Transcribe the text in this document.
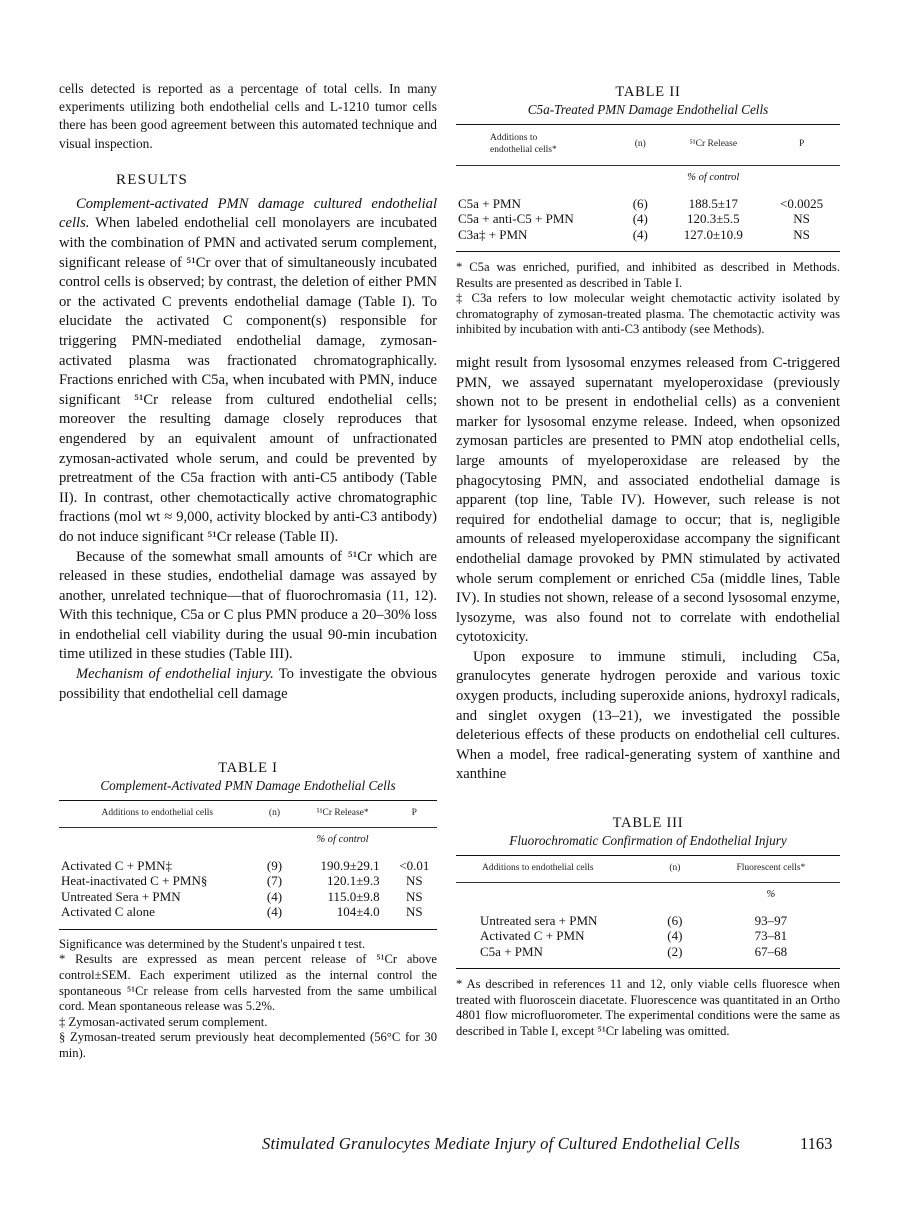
cells detected is reported as a percentage of total cells. In many experiments utilizing both endothelial cells and L-1210 tumor cells there has been good agreement between this automated technique and visual inspection.

RESULTS

Complement-activated PMN damage cultured endothelial cells. When labeled endothelial cell monolayers are incubated with the combination of PMN and activated serum complement, significant release of ⁵¹Cr over that of simultaneously incubated control cells is observed; by contrast, the deletion of either PMN or the activated C prevents endothelial damage (Table I). To elucidate the activated C component(s) responsible for triggering PMN-mediated endothelial damage, zymosan-activated plasma was fractionated chromatographically. Fractions enriched with C5a, when incubated with PMN, induce significant ⁵¹Cr release from cultured endothelial cells; moreover the resulting damage closely reproduces that engendered by an equivalent amount of unfractionated zymosan-activated whole serum, and could be prevented by pretreatment of the C5a fraction with anti-C5 antibody (Table II). In contrast, other chemotactically active chromatographic fractions (mol wt ≈ 9,000, activity blocked by anti-C3 antibody) do not induce significant ⁵¹Cr release (Table II).

Because of the somewhat small amounts of ⁵¹Cr which are released in these studies, endothelial damage was assayed by another, unrelated technique—that of fluorochromasia (11, 12). With this technique, C5a or C plus PMN produce a 20–30% loss in endothelial cell viability during the usual 90-min incubation time utilized in these studies (Table III).

Mechanism of endothelial injury. To investigate the obvious possibility that endothelial cell damage

TABLE I
Complement-Activated PMN Damage Endothelial Cells
Additions to endothelial cells	(n)	⁵¹Cr Release*	P
		% of control	
Activated C + PMN‡	(9)	190.9±29.1	<0.01
Heat-inactivated C + PMN§	(7)	120.1±9.3	NS
Untreated Sera + PMN	(4)	115.0±9.8	NS
Activated C alone	(4)	104±4.0	NS

Significance was determined by the Student's unpaired t test.

* Results are expressed as mean percent release of ⁵¹Cr above control±SEM. Each experiment utilized as the internal control the spontaneous ⁵¹Cr release from cells harvested from the same umbilical cord. Mean spontaneous release was 5.2%.

‡ Zymosan-activated serum complement.

§ Zymosan-treated serum previously heat decomplemented (56°C for 30 min).

TABLE II
C5a-Treated PMN Damage Endothelial Cells
Additions to
endothelial cells*	(n)	⁵¹Cr Release	P
		% of control	
C5a + PMN	(6)	188.5±17	<0.0025
C5a + anti-C5 + PMN	(4)	120.3±5.5	NS
C3a‡ + PMN	(4)	127.0±10.9	NS

* C5a was enriched, purified, and inhibited as described in Methods. Results are presented as described in Table I.

‡ C3a refers to low molecular weight chemotactic activity isolated by chromatography of zymosan-treated plasma. The chemotactic activity was inhibited by incubation with anti-C3 antibody (see Methods).

might result from lysosomal enzymes released from C-triggered PMN, we assayed supernatant myeloperoxidase (previously shown not to be present in endothelial cells) as a convenient marker for lysosomal enzyme release. Indeed, when opsonized zymosan particles are presented to PMN atop endothelial cells, large amounts of myeloperoxidase are released by the phagocytosing PMN, and associated endothelial damage is apparent (top line, Table IV). However, such release is not required for endothelial damage to occur; that is, negligible amounts of released myeloperoxidase accompany the significant endothelial damage provoked by PMN stimulated by activated whole serum complement or enriched C5a (middle lines, Table IV). In studies not shown, release of a second lysosomal enzyme, lysozyme, was also found not to correlate with endothelial cytotoxicity.

Upon exposure to immune stimuli, including C5a, granulocytes generate hydrogen peroxide and various toxic oxygen products, including superoxide anions, hydroxyl radicals, and singlet oxygen (13–21), we investigated the possible deleterious effects of these products on endothelial cell cultures. When a model, free radical-generating system of xanthine and xanthine

TABLE III
Fluorochromatic Confirmation of Endothelial Injury
Additions to endothelial cells	(n)	Fluorescent cells*
		%
Untreated sera + PMN	(6)	93–97
Activated C + PMN	(4)	73–81
C5a + PMN	(2)	67–68

* As described in references 11 and 12, only viable cells fluoresce when treated with fluoroscein diacetate. Fluorescence was quantitated in an Ortho 4801 flow microfluorometer. The experimental conditions were the same as described in Table I, except ⁵¹Cr labeling was omitted.

Stimulated Granulocytes Mediate Injury of Cultured Endothelial Cells	1163
